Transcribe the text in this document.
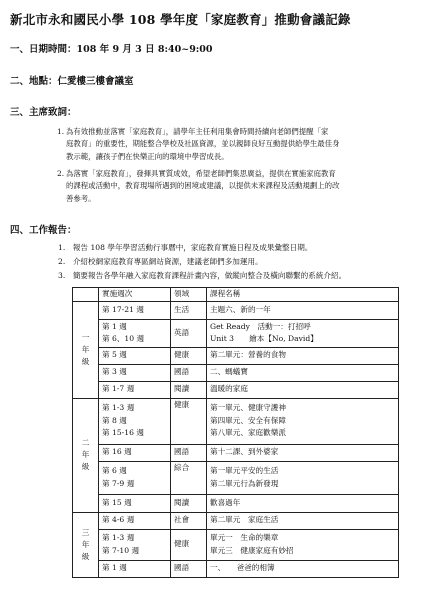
新北市永和國民小學 108 學年度「家庭教育」推動會議記錄
一、日期時間：108 年 9 月 3 日 8:40~9:00
二、地點：仁愛樓三樓會議室
三、主席致詞：
1. 為有效推動並落實「家庭教育」，請學年主任利用集會時間持續向老師們提醒「家
庭教育」的重要性，期能整合學校及社區資源，並以親師良好互動提供給學生最佳身
教示範，讓孩子們在快樂正向的環境中學習成長。
2. 為落實「家庭教育」，發揮具實質成效，希望老師們集思廣益，提供在實施家庭教育
的課程或活動中，教育現場所遇到的困境或建議，以提供未來課程及活動規劃上的改
善參考。
四、工作報告：
1.　報告 108 學年學習活動行事曆中，家庭教育實施日程及成果彙整日期。
2.　介紹校網家庭教育專區網站資源，建議老師們多加運用。
3.　簡要報告各學年融入家庭教育課程計畫內容，做縱向整合及橫向聯繫的系統介紹。
	實施週次	領域	課程名稱

一
年
級	第 17-21 週	生活	主題六、新的一年

	第 1 週
第 6、10 週	英語	Get Ready　活動一：打招呼
Unit 3　　繪本【No, David】

	第 5 週	健康	第二單元：營養的食物

	第 3 週	國語	二、螞蟻寶

	第 1-7 週	閱讀	溫暖的家庭

二
年
級	第 1-3 週
第 8 週
第 15-16 週	健康	第一單元、健康守護神
第四單元、安全有保障
第八單元、家庭歡樂派

	第 16 週	國語	第十二課、到外婆家

	第 6 週
第 7-9 週	綜合	第一單元平安的生活
第二單元行為新發現

	第 15 週	閱讀	歡喜過年

三
年
級	第 4-6 週	社會	第二單元　家庭生活

	第 1-3 週
第 7-10 週	健康	單元一　生命的樂章
單元三　健康家庭有妙招

	第 1 週	國語	一、　　爸爸的相簿
